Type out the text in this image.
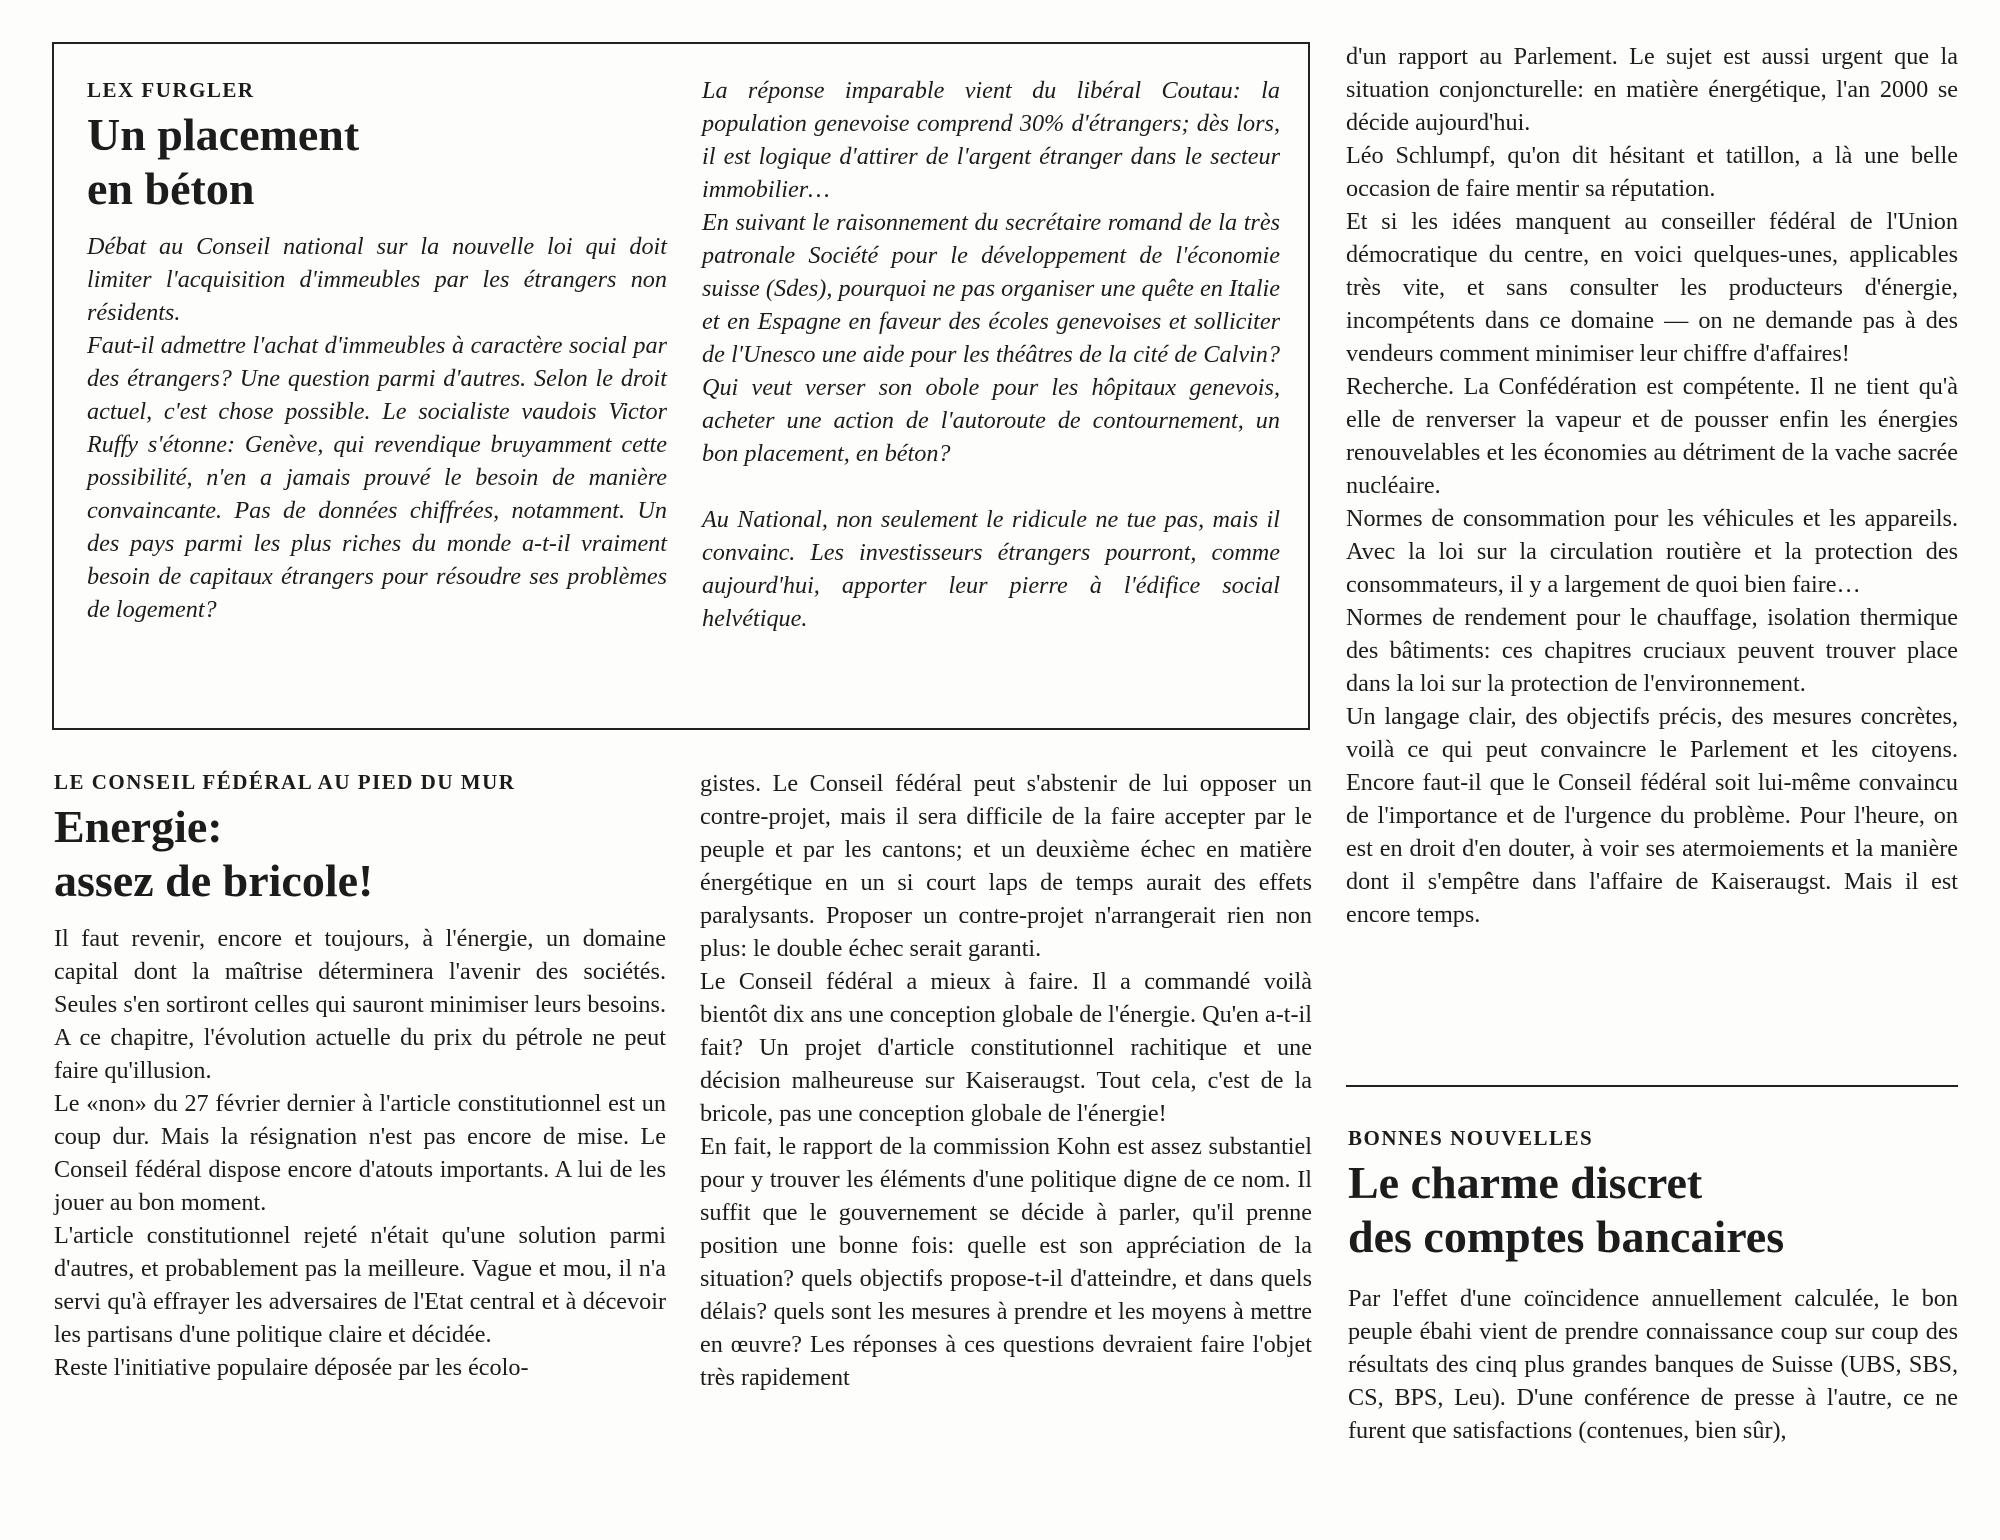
LEX FURGLER
Un placement
en béton

Débat au Conseil national sur la nouvelle loi qui doit limiter l'acquisition d'immeubles par les étrangers non résidents.

Faut-il admettre l'achat d'immeubles à caractère social par des étrangers? Une question parmi d'autres. Selon le droit actuel, c'est chose possible. Le socialiste vaudois Victor Ruffy s'étonne: Genève, qui revendique bruyamment cette possibilité, n'en a jamais prouvé le besoin de manière convaincante. Pas de données chiffrées, notamment. Un des pays parmi les plus riches du monde a-t-il vraiment besoin de capitaux étrangers pour résoudre ses problèmes de logement?

La réponse imparable vient du libéral Coutau: la population genevoise comprend 30% d'étrangers; dès lors, il est logique d'attirer de l'argent étranger dans le secteur immobilier…

En suivant le raisonnement du secrétaire romand de la très patronale Société pour le développement de l'économie suisse (Sdes), pourquoi ne pas organiser une quête en Italie et en Espagne en faveur des écoles genevoises et solliciter de l'Unesco une aide pour les théâtres de la cité de Calvin? Qui veut verser son obole pour les hôpitaux genevois, acheter une action de l'autoroute de contournement, un bon placement, en béton?

Au National, non seulement le ridicule ne tue pas, mais il convainc. Les investisseurs étrangers pourront, comme aujourd'hui, apporter leur pierre à l'édifice social helvétique.

LE CONSEIL FÉDÉRAL AU PIED DU MUR
Energie:
assez de bricole!

Il faut revenir, encore et toujours, à l'énergie, un domaine capital dont la maîtrise déterminera l'avenir des sociétés. Seules s'en sortiront celles qui sauront minimiser leurs besoins. A ce chapitre, l'évolution actuelle du prix du pétrole ne peut faire qu'illusion.

Le «non» du 27 février dernier à l'article constitutionnel est un coup dur. Mais la résignation n'est pas encore de mise. Le Conseil fédéral dispose encore d'atouts importants. A lui de les jouer au bon moment.

L'article constitutionnel rejeté n'était qu'une solution parmi d'autres, et probablement pas la meilleure. Vague et mou, il n'a servi qu'à effrayer les adversaires de l'Etat central et à décevoir les partisans d'une politique claire et décidée.

Reste l'initiative populaire déposée par les écolo-

gistes. Le Conseil fédéral peut s'abstenir de lui opposer un contre-projet, mais il sera difficile de la faire accepter par le peuple et par les cantons; et un deuxième échec en matière énergétique en un si court laps de temps aurait des effets paralysants. Proposer un contre-projet n'arrangerait rien non plus: le double échec serait garanti.

Le Conseil fédéral a mieux à faire. Il a commandé voilà bientôt dix ans une conception globale de l'énergie. Qu'en a-t-il fait? Un projet d'article constitutionnel rachitique et une décision malheureuse sur Kaiseraugst. Tout cela, c'est de la bricole, pas une conception globale de l'énergie!

En fait, le rapport de la commission Kohn est assez substantiel pour y trouver les éléments d'une politique digne de ce nom. Il suffit que le gouvernement se décide à parler, qu'il prenne position une bonne fois: quelle est son appréciation de la situation? quels objectifs propose-t-il d'atteindre, et dans quels délais? quels sont les mesures à prendre et les moyens à mettre en œuvre? Les réponses à ces questions devraient faire l'objet très rapidement

d'un rapport au Parlement. Le sujet est aussi urgent que la situation conjoncturelle: en matière énergétique, l'an 2000 se décide aujourd'hui.

Léo Schlumpf, qu'on dit hésitant et tatillon, a là une belle occasion de faire mentir sa réputation.

Et si les idées manquent au conseiller fédéral de l'Union démocratique du centre, en voici quelques-unes, applicables très vite, et sans consulter les producteurs d'énergie, incompétents dans ce domaine — on ne demande pas à des vendeurs comment minimiser leur chiffre d'affaires!

Recherche. La Confédération est compétente. Il ne tient qu'à elle de renverser la vapeur et de pousser enfin les énergies renouvelables et les économies au détriment de la vache sacrée nucléaire.

Normes de consommation pour les véhicules et les appareils. Avec la loi sur la circulation routière et la protection des consommateurs, il y a largement de quoi bien faire…

Normes de rendement pour le chauffage, isolation thermique des bâtiments: ces chapitres cruciaux peuvent trouver place dans la loi sur la protection de l'environnement.

Un langage clair, des objectifs précis, des mesures concrètes, voilà ce qui peut convaincre le Parlement et les citoyens. Encore faut-il que le Conseil fédéral soit lui-même convaincu de l'importance et de l'urgence du problème. Pour l'heure, on est en droit d'en douter, à voir ses atermoiements et la manière dont il s'empêtre dans l'affaire de Kaiseraugst. Mais il est encore temps.

BONNES NOUVELLES
Le charme discret
des comptes bancaires

Par l'effet d'une coïncidence annuellement calculée, le bon peuple ébahi vient de prendre connaissance coup sur coup des résultats des cinq plus grandes banques de Suisse (UBS, SBS, CS, BPS, Leu). D'une conférence de presse à l'autre, ce ne furent que satisfactions (contenues, bien sûr),
